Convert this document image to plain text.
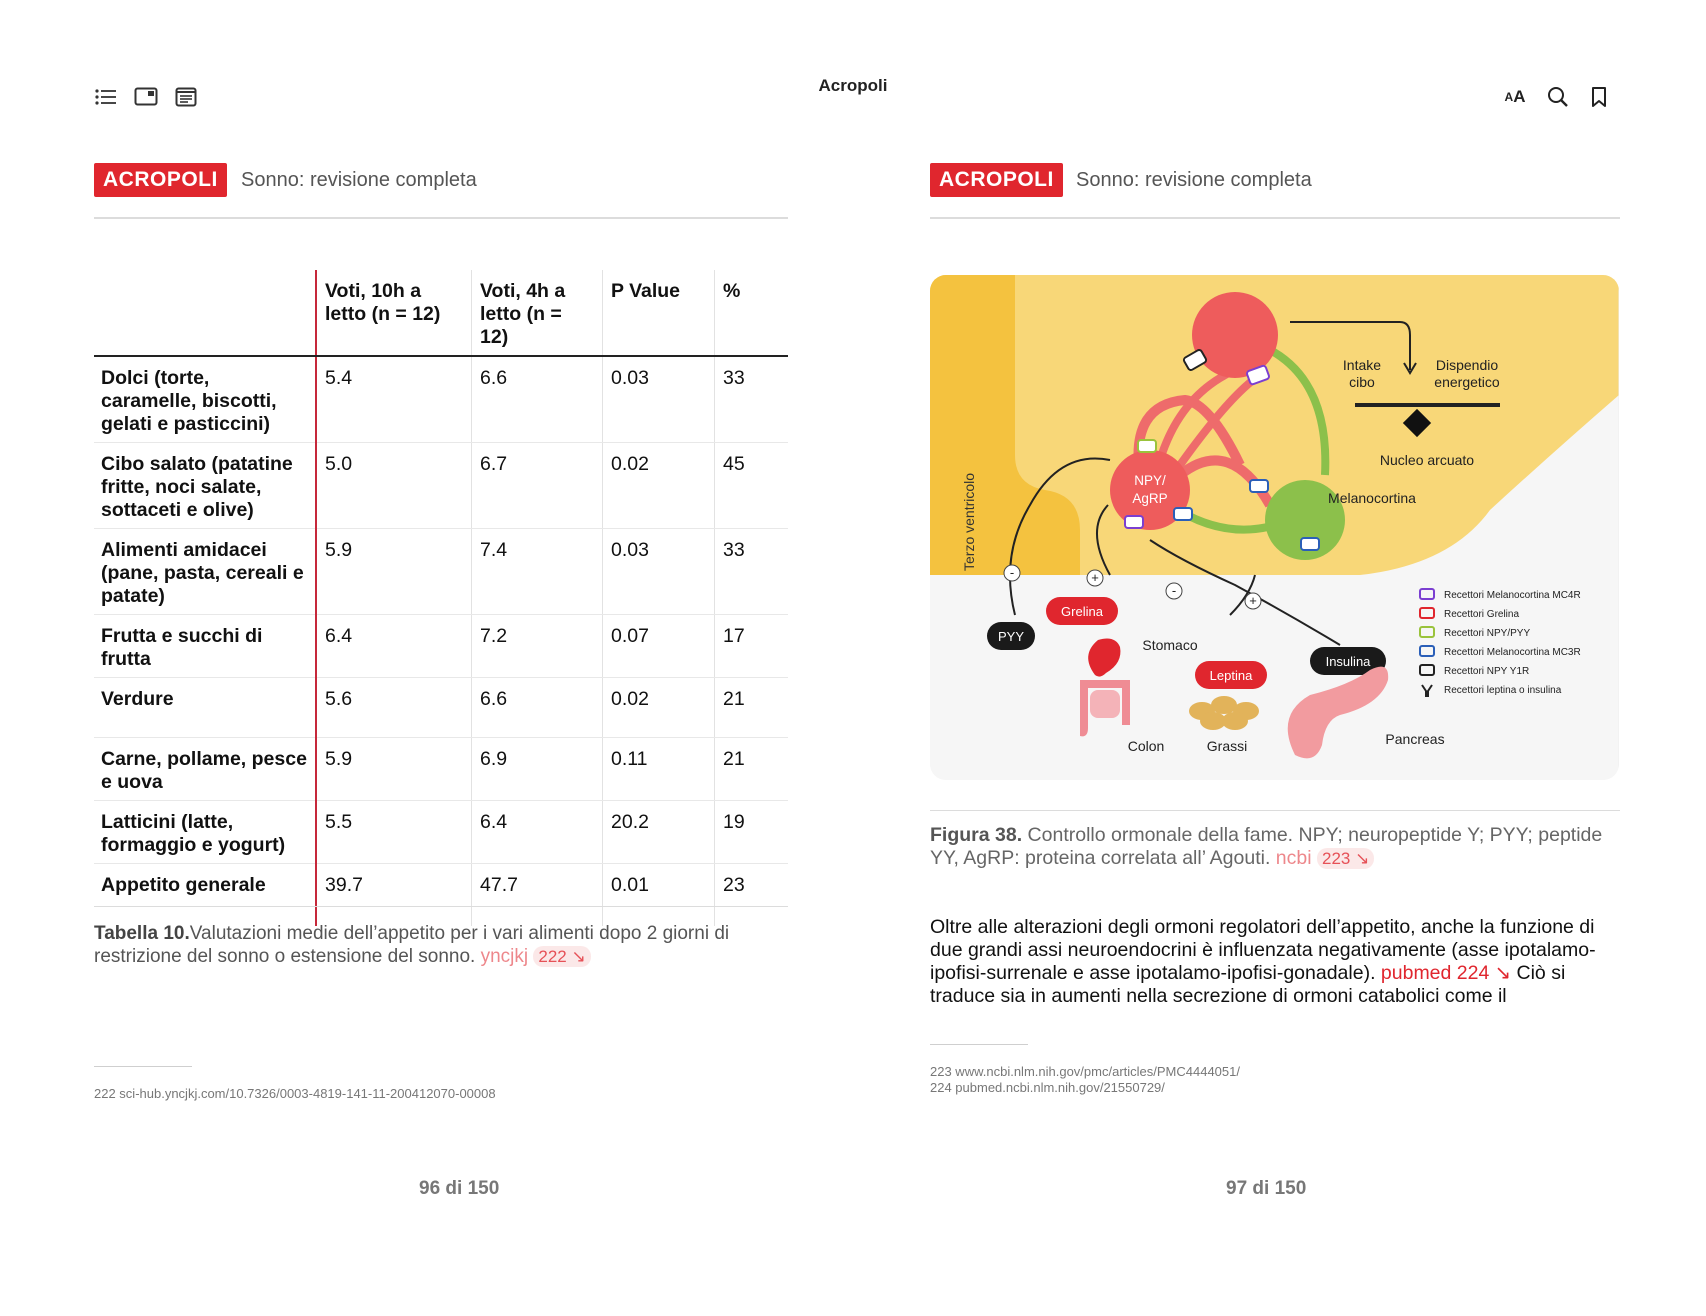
Acropoli
A A
ACROPOLI	Sonno: revisione completa
	Voti, 10h a letto (n = 12)	Voti, 4h a letto (n = 12)	P Value	%
Dolci (torte, caramelle, biscotti, gelati e pasticcini)	5.4	6.6	0.03	33
Cibo salato (patatine fritte, noci salate, sottaceti e olive)	5.0	6.7	0.02	45
Alimenti amidacei (pane, pasta, cereali e patate)	5.9	7.4	0.03	33
Frutta e succhi di frutta	6.4	7.2	0.07	17
Verdure	5.6	6.6	0.02	21
Carne, pollame, pesce e uova	5.9	6.9	0.11	21
Latticini (latte, formaggio e yogurt)	5.5	6.4	20.2	19
Appetito generale	39.7	47.7	0.01	23
Tabella 10.Valutazioni medie dell’appetito per i vari alimenti dopo 2 giorni di restrizione del sonno o estensione del sonno. yncjkj 222 ↘
222 sci-hub.yncjkj.com/10.7326/0003-4819-141-11-200412070-00008
96 di 150
ACROPOLI	Sonno: revisione completa
Terzo ventricolo	NPY/ AgRP
Intake cibo
Dispendio energetico
Nucleo arcuato
Melanocortina
-	+
-
+
Grelina
PYY
Leptina
Insulina
Stomaco
Colon	Grassi	Pancreas
Recettori Melanocortina MC4R
Recettori Grelina
Recettori NPY/PYY
Recettori Melanocortina MC3R
Recettori NPY Y1R
Recettori leptina o insulina
Figura 38. Controllo ormonale della fame. NPY; neuropeptide Y; PYY; peptide YY, AgRP: proteina correlata all’ Agouti. ncbi 223 ↘
Oltre alle alterazioni degli ormoni regolatori dell’appetito, anche la funzione di due grandi assi neuroendocrini è influenzata negativamente (asse ipotalamo-ipofisi-surrenale e asse ipotalamo-ipofisi-gonadale). pubmed 224 ↘ Ciò si traduce sia in aumenti nella secrezione di ormoni catabolici come il
223 www.ncbi.nlm.nih.gov/pmc/articles/PMC4444051/
224 pubmed.ncbi.nlm.nih.gov/21550729/
97 di 150
